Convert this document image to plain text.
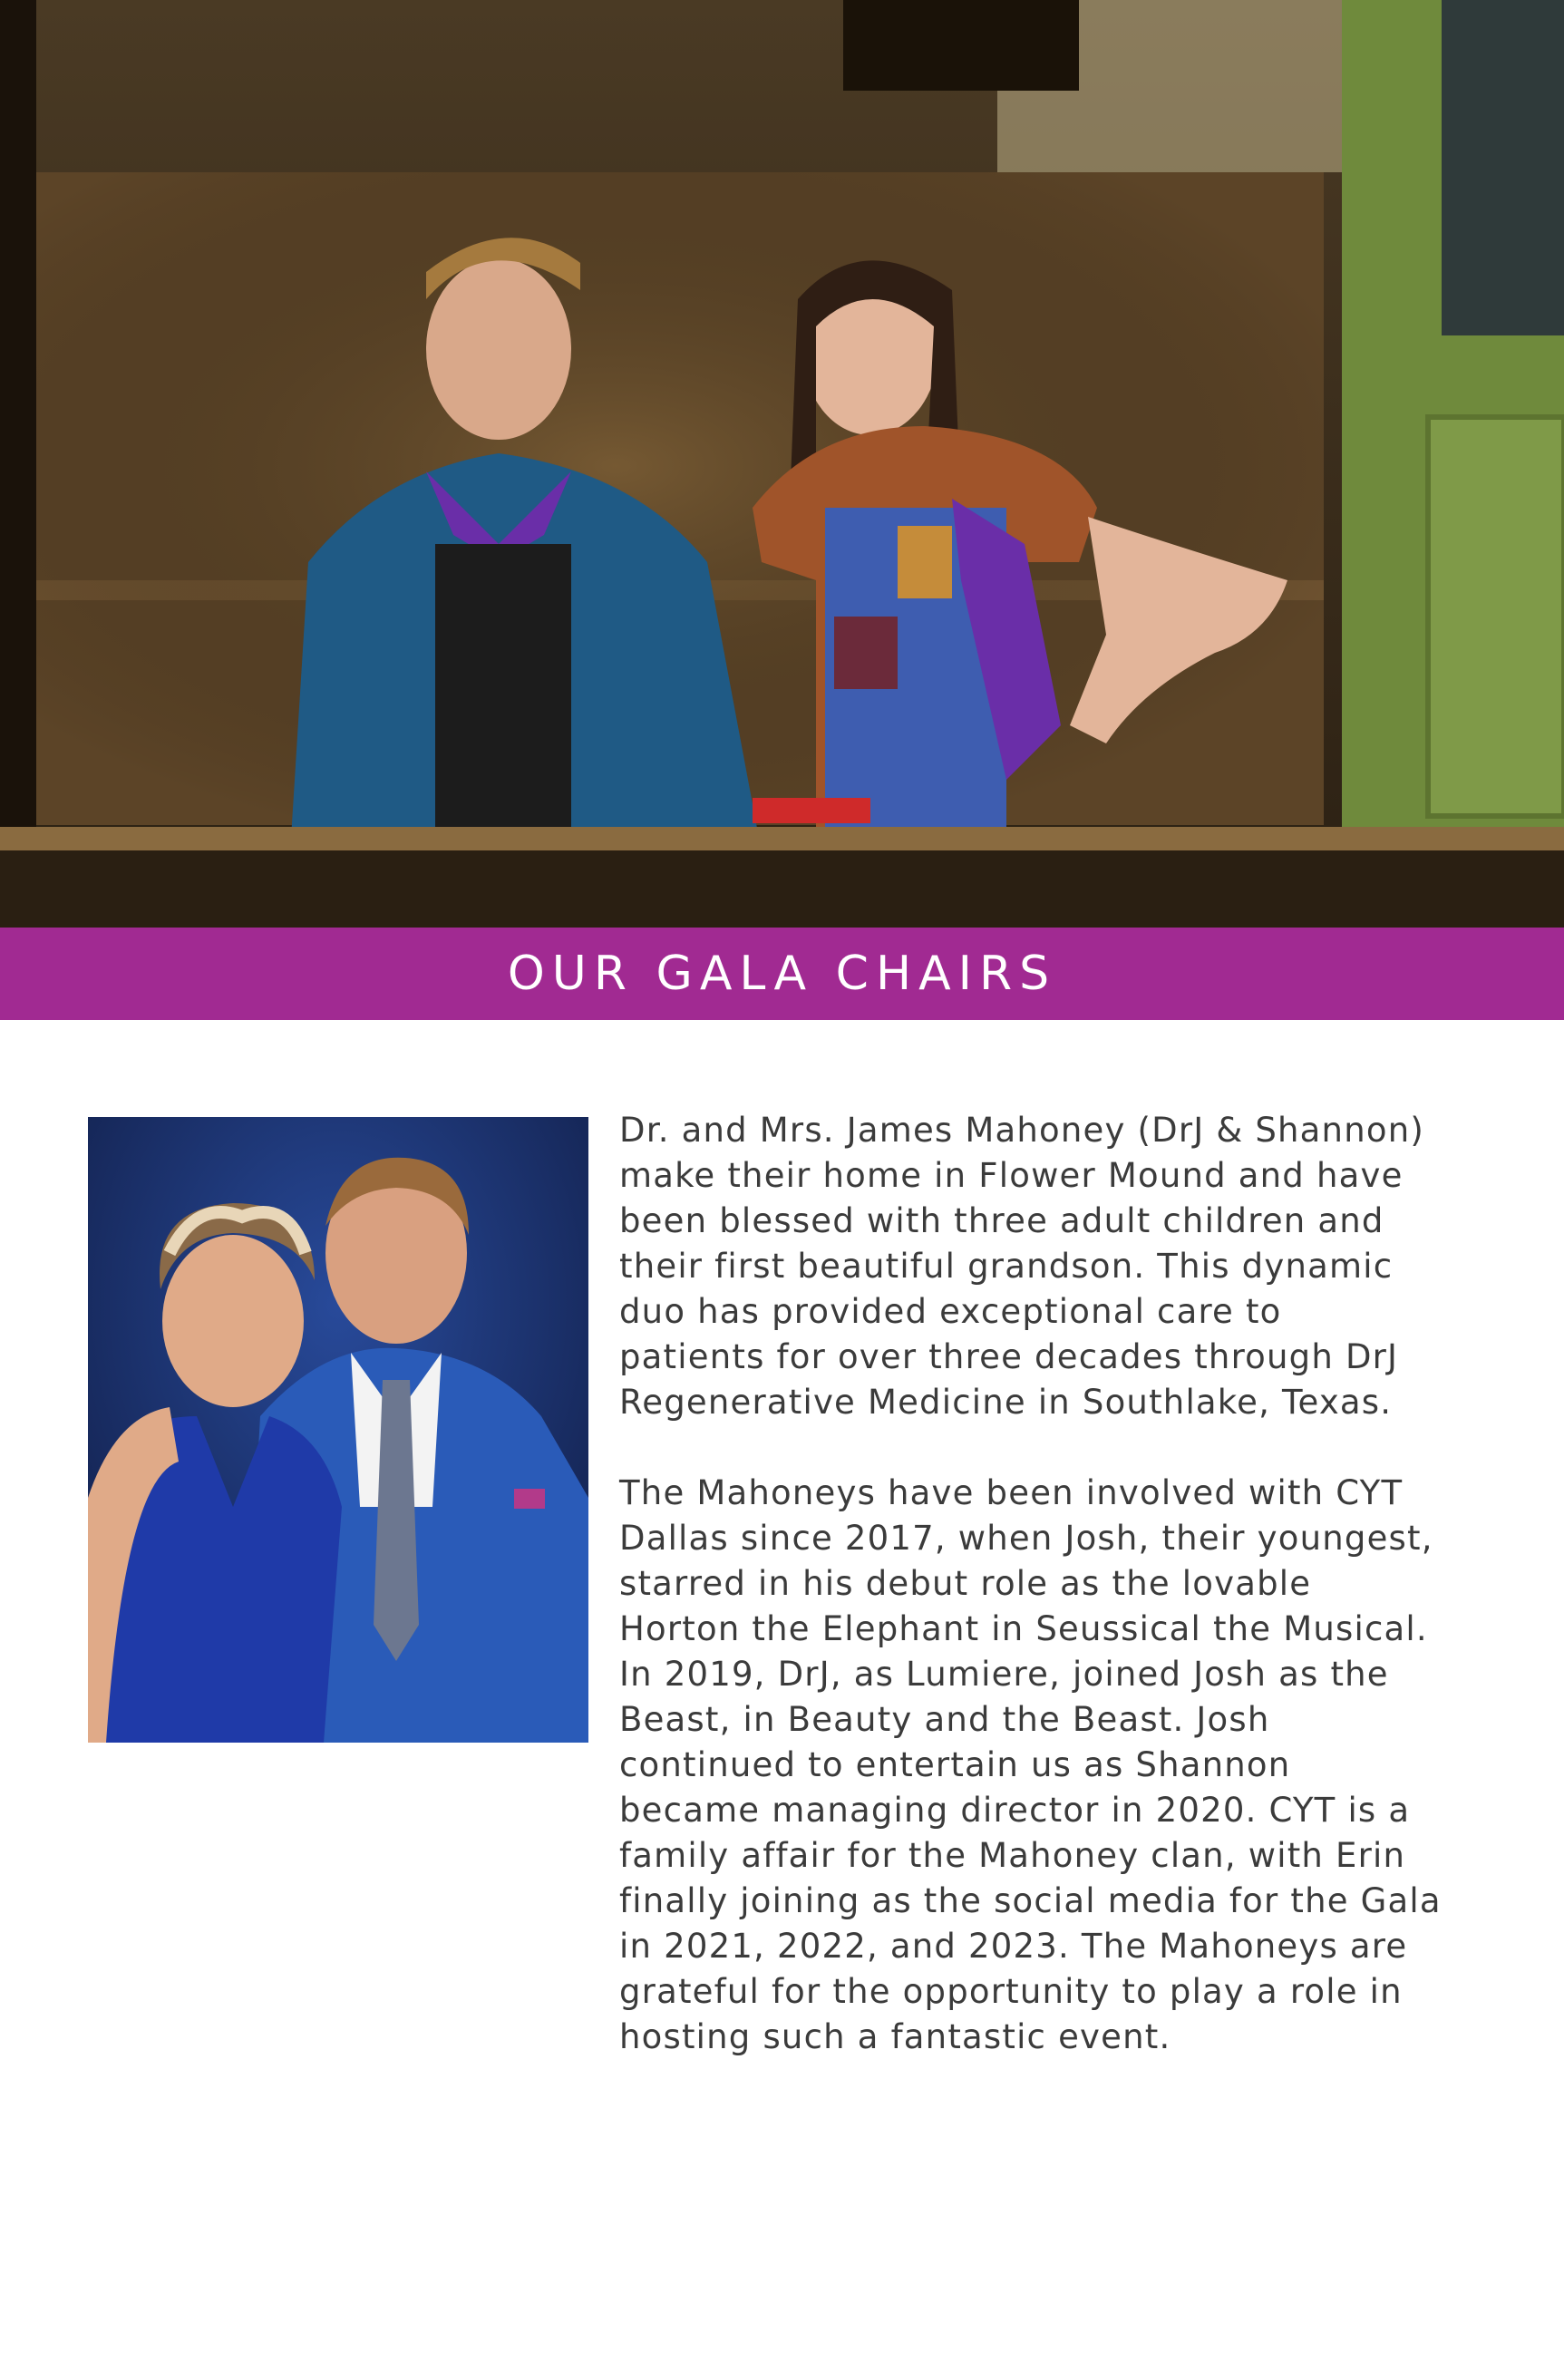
OUR GALA CHAIRS

Dr. and Mrs. James Mahoney (DrJ & Shannon)
make their home in Flower Mound and have
been blessed with three adult children and
their first beautiful grandson. This dynamic
duo has provided exceptional care to
patients for over three decades through DrJ
Regenerative Medicine in Southlake, Texas.

The Mahoneys have been involved with CYT
Dallas since 2017, when Josh, their youngest,
starred in his debut role as the lovable
Horton the Elephant in Seussical the Musical.
In 2019, DrJ, as Lumiere, joined Josh as the
Beast, in Beauty and the Beast. Josh
continued to entertain us as Shannon
became managing director in 2020. CYT is a
family affair for the Mahoney clan, with Erin
finally joining as the social media for the Gala
in 2021, 2022, and 2023. The Mahoneys are
grateful for the opportunity to play a role in
hosting such a fantastic event.
